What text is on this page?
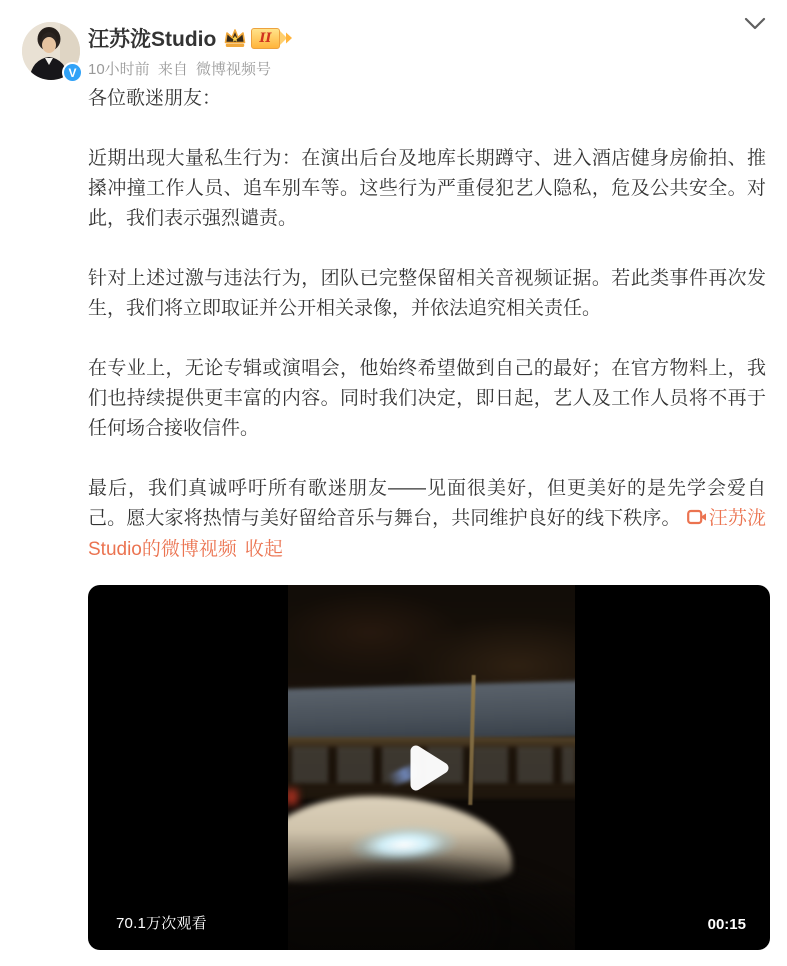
V
汪苏泷Studio	II
10小时前 来自 微博视频号

各位歌迷朋友：

近期出现大量私生行为：在演出后台及地库长期蹲守、进入酒店健身房偷拍、推搡冲撞工作人员、追车别车等。这些行为严重侵犯艺人隐私，危及公共安全。对此，我们表示强烈谴责。

针对上述过激与违法行为，团队已完整保留相关音视频证据。若此类事件再次发生，我们将立即取证并公开相关录像，并依法追究相关责任。

在专业上，无论专辑或演唱会，他始终希望做到自己的最好；在官方物料上，我们也持续提供更丰富的内容。同时我们决定，即日起，艺人及工作人员将不再于任何场合接收信件。

最后，我们真诚呼吁所有歌迷朋友——见面很美好，但更美好的是先学会爱自己。愿大家将热情与美好留给音乐与舞台，共同维护良好的线下秩序。 汪苏泷Studio的微博视频 收起

70.1万次观看	00:15
